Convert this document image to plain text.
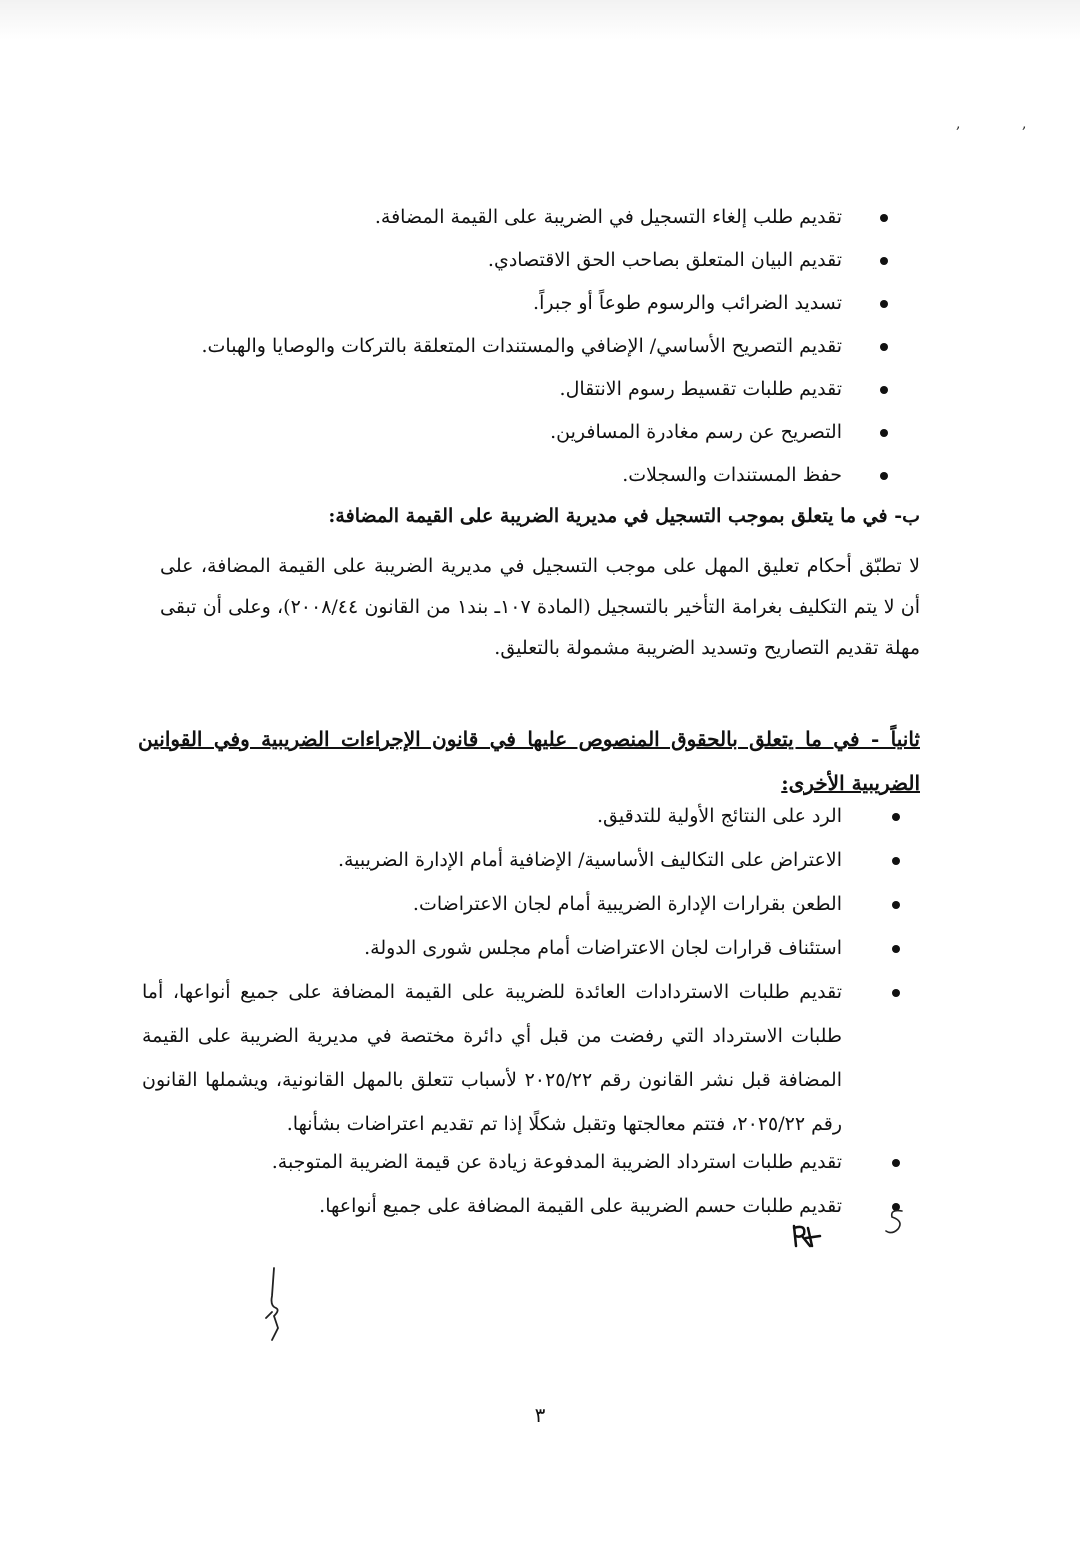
,	,
تقديم طلب إلغاء التسجيل في الضريبة على القيمة المضافة.
تقديم البيان المتعلق بصاحب الحق الاقتصادي.
تسديد الضرائب والرسوم طوعاً أو جبراً.
تقديم التصريح الأساسي/ الإضافي والمستندات المتعلقة بالتركات والوصايا والهبات.
تقديم طلبات تقسيط رسوم الانتقال.
التصريح عن رسم مغادرة المسافرين.
حفظ المستندات والسجلات.
ب- في ما يتعلق بموجب التسجيل في مديرية الضريبة على القيمة المضافة:

لا تطبّق أحكام تعليق المهل على موجب التسجيل في مديرية الضريبة على القيمة المضافة، على أن لا يتم التكليف بغرامة التأخير بالتسجيل (المادة ١٠٧ـ بند١ من القانون ٢٠٠٨/٤٤)، وعلى أن تبقى مهلة تقديم التصاريح وتسديد الضريبة مشمولة بالتعليق.

ثانياً - في ما يتعلق بالحقوق المنصوص عليها في قانون الإجراءات الضريبية وفي القوانين الضريبية الأخرى:
الرد على النتائج الأولية للتدقيق.
الاعتراض على التكاليف الأساسية/ الإضافية أمام الإدارة الضريبية.
الطعن بقرارات الإدارة الضريبية أمام لجان الاعتراضات.
استئناف قرارات لجان الاعتراضات أمام مجلس شورى الدولة.
تقديم طلبات الاستردادات العائدة للضريبة على القيمة المضافة على جميع أنواعها، أما طلبات الاسترداد التي رفضت من قبل أي دائرة مختصة في مديرية الضريبة على القيمة المضافة قبل نشر القانون رقم ٢٠٢٥/٢٢ لأسباب تتعلق بالمهل القانونية، ويشملها القانون رقم ٢٠٢٥/٢٢، فتتم معالجتها وتقبل شكلًا إذا تم تقديم اعتراضات بشأنها.
تقديم طلبات استرداد الضريبة المدفوعة زيادة عن قيمة الضريبة المتوجبة.
تقديم طلبات حسم الضريبة على القيمة المضافة على جميع أنواعها.
٣
